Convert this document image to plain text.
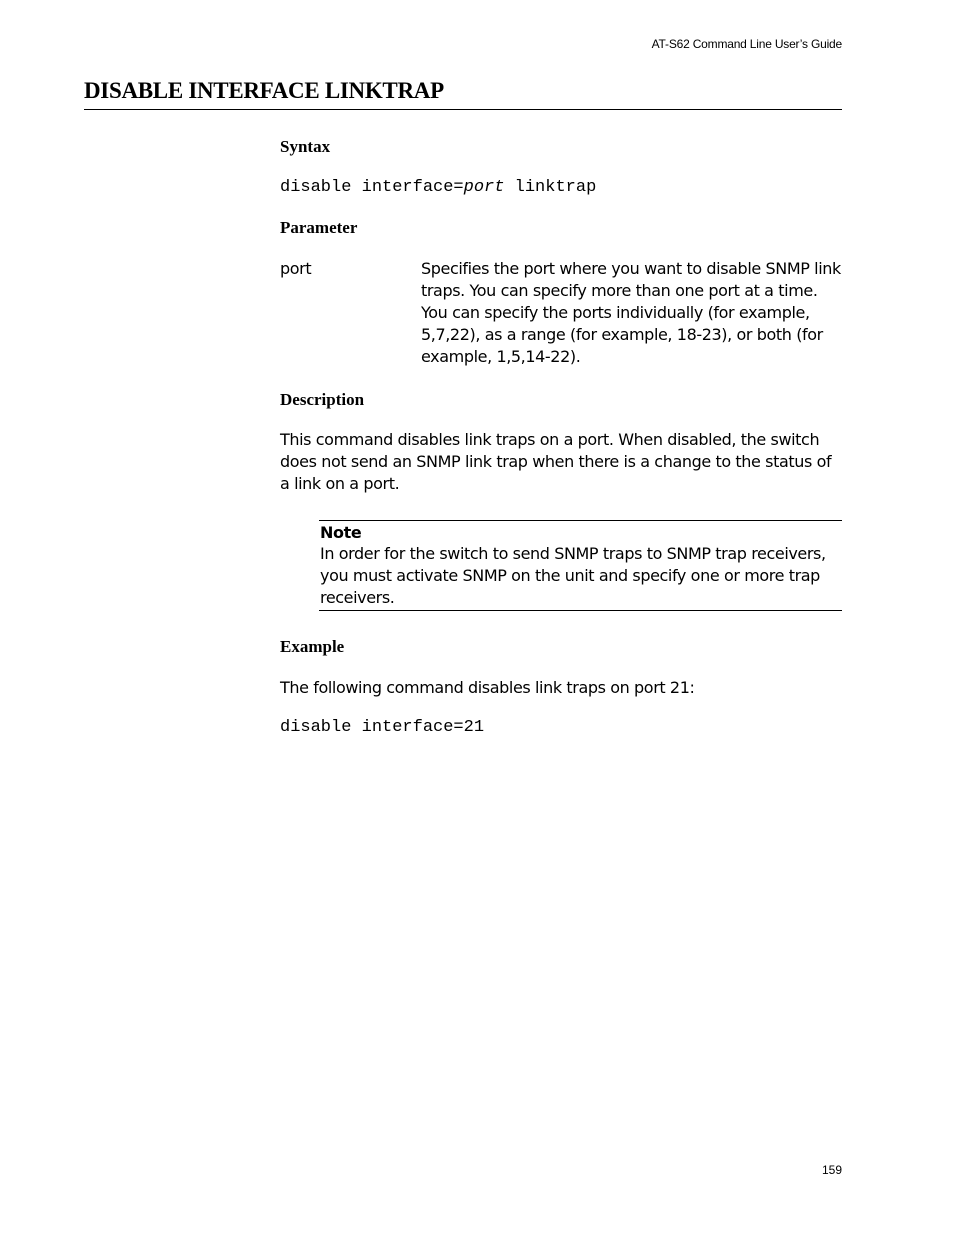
AT-S62 Command Line User’s Guide
DISABLE INTERFACE LINKTRAP
Syntax
disable interface=port linktrap
Parameter
port	Specifies the port where you want to disable SNMP link traps. You can specify more than one port at a time. You can specify the ports individually (for example, 5,7,22), as a range (for example, 18-23), or both (for example, 1,5,14-22).

Description

This command disables link traps on a port. When disabled, the switch does not send an SNMP link trap when there is a change to the status of a link on a port.

Note
In order for the switch to send SNMP traps to SNMP trap receivers, you must activate SNMP on the unit and specify one or more trap receivers.
Example

The following command disables link traps on port 21:

disable interface=21
159
